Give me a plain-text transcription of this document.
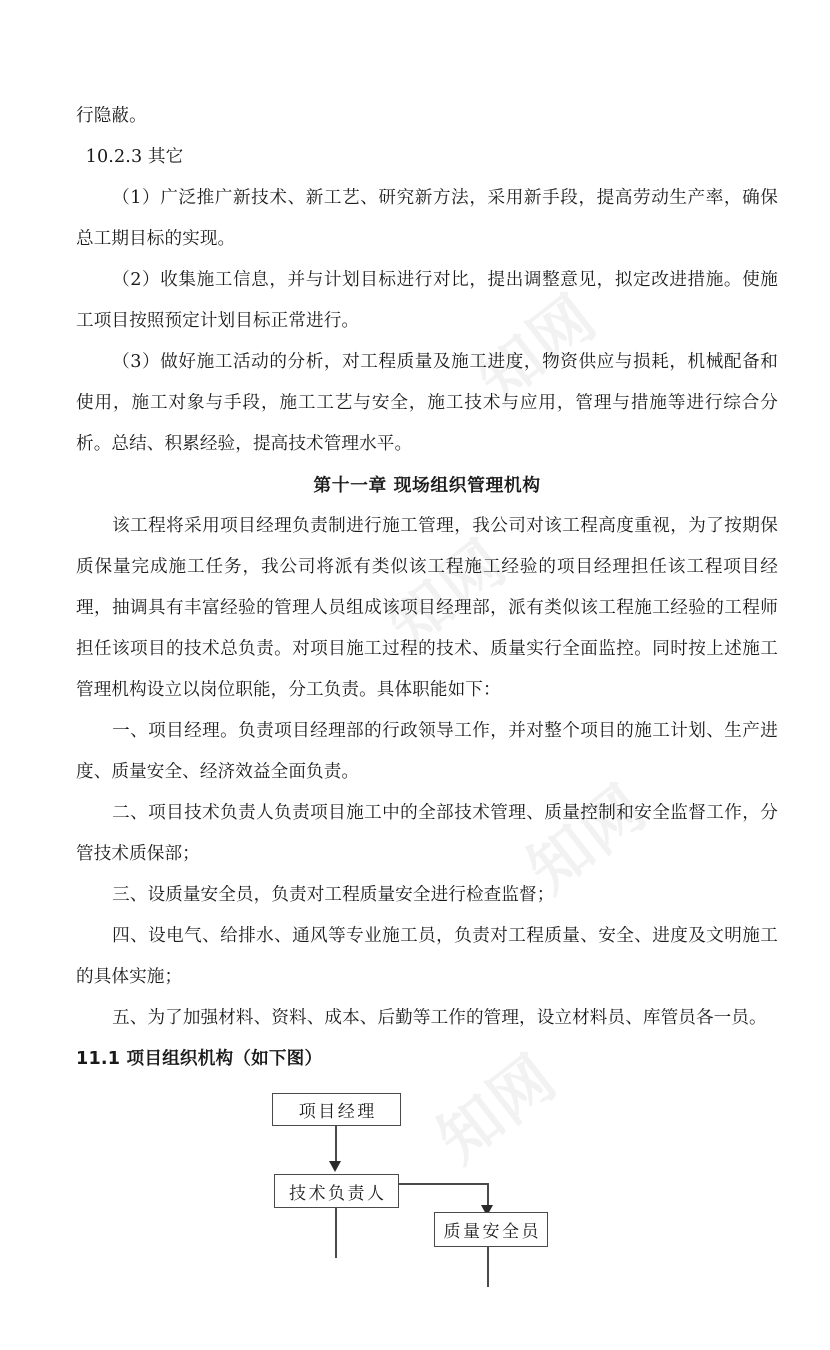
知网
知网
知网
知网

行隐蔽。

10.2.3 其它

（1）广泛推广新技术、新工艺、研究新方法，采用新手段，提高劳动生产率，确保总工期目标的实现。

（2）收集施工信息，并与计划目标进行对比，提出调整意见，拟定改进措施。使施工项目按照预定计划目标正常进行。

（3）做好施工活动的分析，对工程质量及施工进度，物资供应与损耗，机械配备和使用，施工对象与手段，施工工艺与安全，施工技术与应用，管理与措施等进行综合分析。总结、积累经验，提高技术管理水平。

第十一章 现场组织管理机构

该工程将采用项目经理负责制进行施工管理，我公司对该工程高度重视，为了按期保质保量完成施工任务，我公司将派有类似该工程施工经验的项目经理担任该工程项目经理，抽调具有丰富经验的管理人员组成该项目经理部，派有类似该工程施工经验的工程师担任该项目的技术总负责。对项目施工过程的技术、质量实行全面监控。同时按上述施工管理机构设立以岗位职能，分工负责。具体职能如下：

一、项目经理。负责项目经理部的行政领导工作，并对整个项目的施工计划、生产进度、质量安全、经济效益全面负责。

二、项目技术负责人负责项目施工中的全部技术管理、质量控制和安全监督工作，分管技术质保部；

三、设质量安全员，负责对工程质量安全进行检查监督；

四、设电气、给排水、通风等专业施工员，负责对工程质量、安全、进度及文明施工的具体实施；

五、为了加强材料、资料、成本、后勤等工作的管理，设立材料员、库管员各一员。

11.1 项目组织机构（如下图）
项目经理
技术负责人
质量安全员
